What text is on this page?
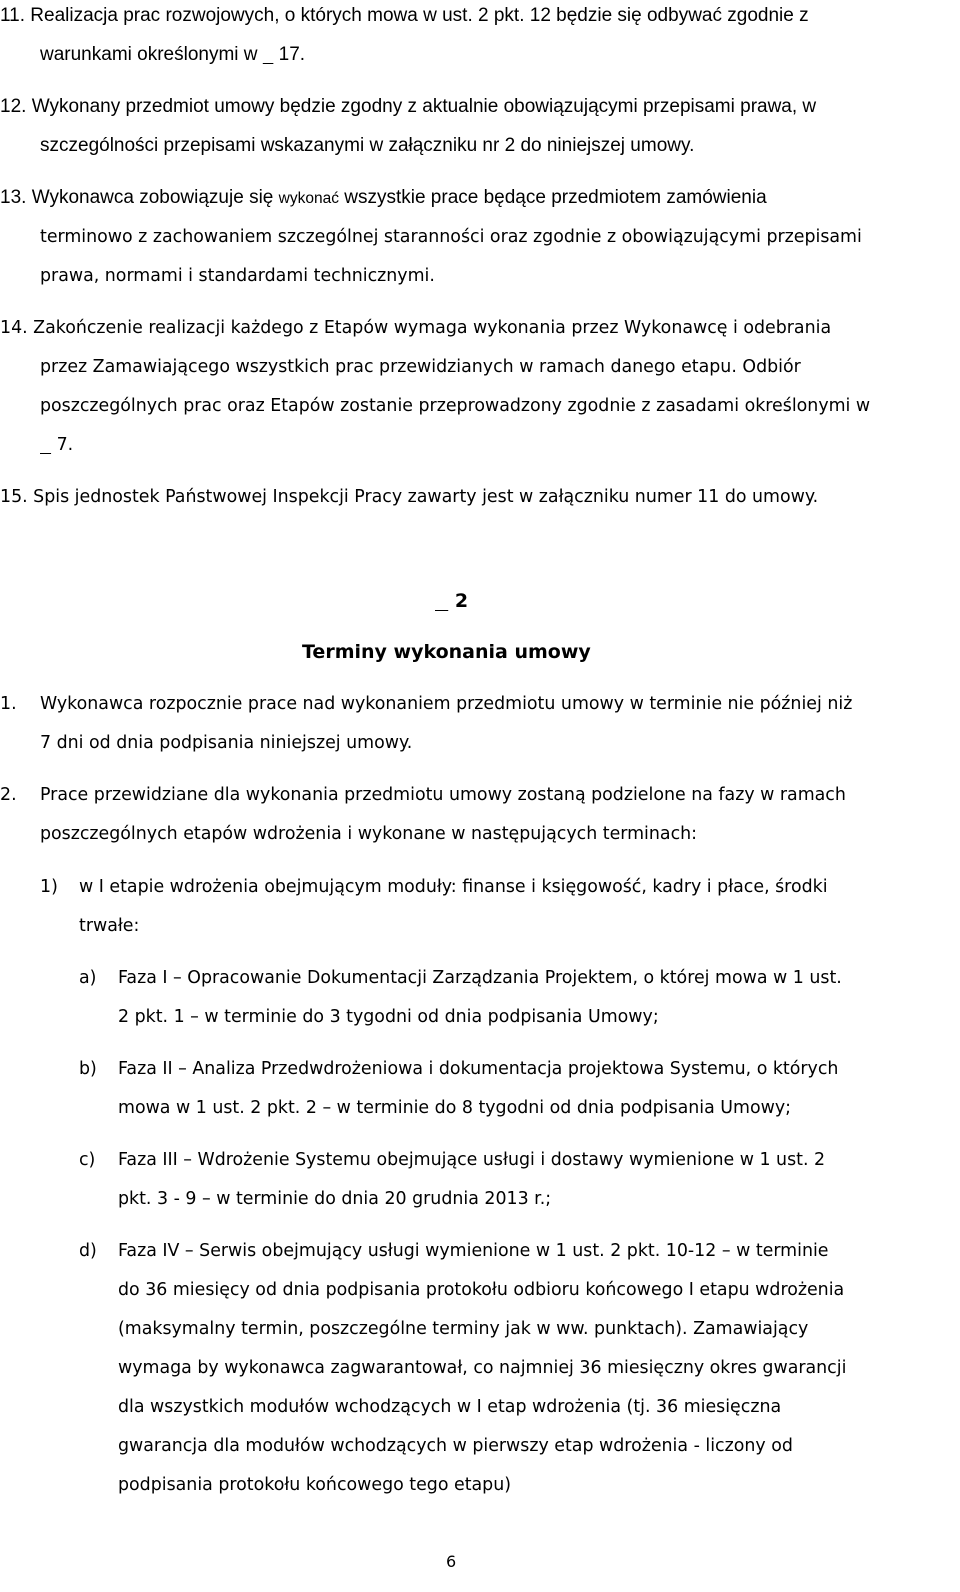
11. Realizacja prac rozwojowych, o których mowa w ust. 2 pkt. 12 będzie się odbywać zgodnie z
warunkami określonymi w    17.
12. Wykonany przedmiot umowy będzie zgodny z aktualnie obowiązującymi przepisami prawa, w
szczególności przepisami wskazanymi w załączniku nr 2 do niniejszej umowy.
13. Wykonawca zobowiązuje się wykonać wszystkie prace będące przedmiotem zamówienia
terminowo z zachowaniem szczególnej staranności oraz zgodnie z obowiązującymi przepisami
prawa, normami i standardami technicznymi.
14. Zakończenie realizacji każdego z Etapów wymaga wykonania przez Wykonawcę i odebrania
przez Zamawiającego wszystkich prac przewidzianych w ramach danego etapu. Odbiór
poszczególnych prac oraz Etapów zostanie przeprowadzony zgodnie z zasadami określonymi w
7.
15. Spis jednostek Państwowej Inspekcji Pracy zawarty jest w załączniku numer 11 do umowy.
2
Terminy wykonania umowy
1. Wykonawca rozpocznie prace nad wykonaniem przedmiotu umowy w terminie nie później niż
7 dni od dnia podpisania niniejszej umowy.
2. Prace przewidziane dla wykonania przedmiotu umowy zostaną podzielone na fazy w ramach
poszczególnych etapów wdrożenia i wykonane w następujących terminach:
1) w I etapie wdrożenia obejmującym moduły: finanse i księgowość, kadry i płace, środki
trwałe:
a) Faza I – Opracowanie Dokumentacji Zarządzania Projektem, o której mowa w 1 ust.
2 pkt. 1 – w terminie do 3 tygodni od dnia podpisania Umowy;
b) Faza II – Analiza Przedwdrożeniowa i dokumentacja projektowa Systemu, o których
mowa w 1 ust. 2 pkt. 2 – w terminie do 8 tygodni od dnia podpisania Umowy;
c) Faza III – Wdrożenie Systemu obejmujące usługi i dostawy wymienione w 1 ust. 2
pkt. 3 - 9 – w terminie do dnia 20 grudnia 2013 r.;
d) Faza IV – Serwis obejmujący usługi wymienione w 1 ust. 2 pkt. 10-12 – w terminie
do 36 miesięcy od dnia podpisania protokołu odbioru końcowego I etapu wdrożenia
(maksymalny termin, poszczególne terminy jak w ww. punktach). Zamawiający
wymaga by wykonawca zagwarantował, co najmniej 36 miesięczny okres gwarancji
dla wszystkich modułów wchodzących w I etap wdrożenia (tj. 36 miesięczna
gwarancja dla modułów wchodzących w pierwszy etap wdrożenia - liczony od
podpisania protokołu końcowego tego etapu)
6
